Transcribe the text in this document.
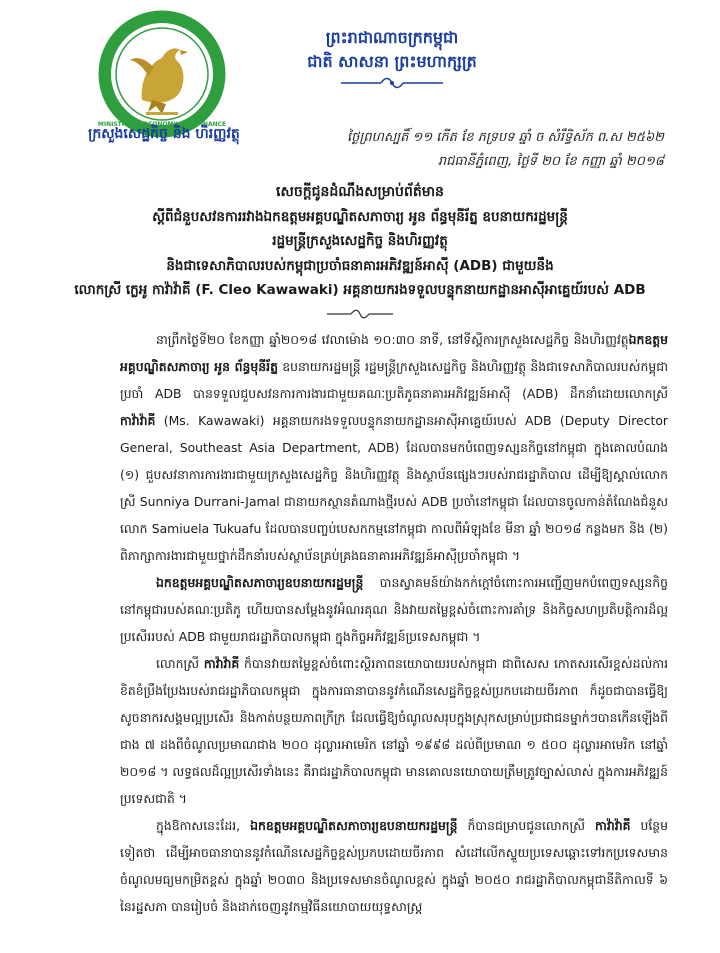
MINISTRY OF ECONOMY AND FINANCE
ក្រសួងសេដ្ឋកិច្ច និង ហិរញ្ញវត្ថុ
ព្រះរាជាណាចក្រកម្ពុជា
ជាតិ សាសនា ព្រះមហាក្សត្រ
ថ្ងៃព្រហស្បតិ៍ ១១ កើត ខែ ភទ្របទ ឆ្នាំ ច សំរឹទ្ធិស័ក ព.ស ២៥៦២
រាជធានីភ្នំពេញ, ថ្ងៃទី ២០ ខែ កញ្ញា ឆ្នាំ ២០១៨
សេចក្តីជូនដំណឹងសម្រាប់ព័ត៌មាន
ស្តីពីជំនួបសវនការរវាងឯកឧត្តមអគ្គបណ្ឌិតសភាចារ្យ អូន ព័ន្ធមុនីរ័ត្ន ឧបនាយករដ្ឋមន្ត្រី
រដ្ឋមន្ត្រីក្រសួងសេដ្ឋកិច្ច និងហិរញ្ញវត្ថុ
និងជាទេសាភិបាលរបស់កម្ពុជាប្រចាំធនាគារអភិវឌ្ឍន៍អាស៊ី (ADB) ជាមួយនឹង
លោកស្រី ក្លេអូ កាវ៉ាវ៉ាគី (F. Cleo Kawawaki) អគ្គនាយករងទទួលបន្ទុកនាយកដ្ឋានអាស៊ីអាគ្នេយ៍របស់ ADB

នាព្រឹកថ្ងៃទី២០ ខែកញ្ញា ឆ្នាំ២០១៨ វេលាម៉ោង ១០:៣០ នាទី, នៅទីស្តីការក្រសួងសេដ្ឋកិច្ច និងហិរញ្ញវត្ថុឯកឧត្តមអគ្គបណ្ឌិតសភាចារ្យ អូន ព័ន្ធមុនីរ័ត្ន ឧបនាយករដ្ឋមន្ត្រី រដ្ឋមន្ត្រីក្រសួងសេដ្ឋកិច្ច និងហិរញ្ញវត្ថុ និងជាទេសាភិបាលរបស់កម្ពុជាប្រចាំ ADB បានទទួលជួបសវនការការងារជាមួយគណៈប្រតិភូធនាគារអភិវឌ្ឍន៍អាស៊ី (ADB) ដឹកនាំដោយលោកស្រី កាវ៉ាវ៉ាគី (Ms. Kawawaki) អគ្គនាយករងទទួលបន្ទុកនាយកដ្ឋានអាស៊ីអាគ្នេយ៍របស់ ADB (Deputy Director General, Southeast Asia Department, ADB) ដែលបានមកបំពេញទស្សនកិច្ចនៅកម្ពុជា ក្នុងគោលបំណង (១) ជួបសវនាការការងារជាមួយក្រសួងសេដ្ឋកិច្ច និងហិរញ្ញវត្ថុ និងស្ថាប័នផ្សេងៗរបស់រាជរដ្ឋាភិបាល ដើម្បីឱ្យស្គាល់លោកស្រី Sunniya Durrani-Jamal ជានាយកស្ថានតំណាងថ្មីរបស់ ADB ប្រចាំនៅកម្ពុជា ដែលបានចូលកាន់តំណែងជំនួសលោក Samiuela Tukuafu ដែលបានបញ្ចប់បេសកកម្មនៅកម្ពុជា កាលពីអំឡុងខែ មីនា ឆ្នាំ ២០១៨ កន្លងមក និង (២) ពិភាក្សាការងារជាមួយថ្នាក់ដឹកនាំរបស់ស្ថាប័នគ្រប់គ្រងធនាគារអភិវឌ្ឍន៍អាស៊ីប្រចាំកម្ពុជា ។

ឯកឧត្តមអគ្គបណ្ឌិតសភាចារ្យឧបនាយករដ្ឋមន្ត្រី បានស្វាគមន៍យ៉ាងកក់ក្តៅចំពោះការអញ្ជើញមកបំពេញទស្សនកិច្ចនៅកម្ពុជារបស់គណៈប្រតិភូ ហើយបានសម្តែងនូវអំណរគុណ និងវាយតម្លៃខ្ពស់ចំពោះការគាំទ្រ និងកិច្ចសហប្រតិបត្តិការដ៏ល្អប្រសើររបស់ ADB ជាមួយរាជរដ្ឋាភិបាលកម្ពុជា ក្នុងកិច្ចអភិវឌ្ឍន៍ប្រទេសកម្ពុជា ។

លោកស្រី កាវ៉ាវ៉ាគី ក៏បានវាយតម្លៃខ្ពស់ចំពោះស្ថិរភាពនយោបាយរបស់កម្ពុជា ជាពិសេស កោតសរសើរខ្ពស់ដល់ការខិតខំប្រឹងប្រែងរបស់រាជរដ្ឋាភិបាលកម្ពុជា ក្នុងការធានាបាននូវកំណើនសេដ្ឋកិច្ចខ្ពស់ប្រកបដោយចីរភាព ក៏ដូចជាបានធ្វើឱ្យសូចនាករសង្គមល្អប្រសើរ និងកាត់បន្ថយភាពក្រីក្រ ដែលធ្វើឱ្យចំណូលសរុបក្នុងស្រុកសម្រាប់ប្រជាជនម្នាក់ៗបានកើនឡើងពីជាង ៧ ដងពីចំណូលប្រមាណជាង ២០០ ដុល្លារអាមេរិក នៅឆ្នាំ ១៩៩៨ ដល់ពីប្រមាណ ១ ៥០០ ដុល្លារអាមេរិក នៅឆ្នាំ ២០១៨ ។ លទ្ធផលដ៏ល្អប្រសើរទាំងនេះ គឺរាជរដ្ឋាភិបាលកម្ពុជា មានគោលនយោបាយត្រឹមត្រូវច្បាស់លាស់ ក្នុងការអភិវឌ្ឍន៍ប្រទេសជាតិ ។

ក្នុងឱកាសនេះដែរ, ឯកឧត្តមអគ្គបណ្ឌិតសភាចារ្យឧបនាយករដ្ឋមន្ត្រី ក៏បានជម្រាបជូនលោកស្រី កាវ៉ាវ៉ាគី បន្ថែមទៀតថា ដើម្បីអាចធានាបាននូវកំណើនសេដ្ឋកិច្ចខ្ពស់ប្រកបដោយចីរភាព សំដៅលើកស្ទួយប្រទេសឆ្ពោះទៅរកប្រទេសមានចំណូលមធ្យមកម្រិតខ្ពស់ ក្នុងឆ្នាំ ២០៣០ និងប្រទេសមានចំណូលខ្ពស់ ក្នុងឆ្នាំ ២០៥០ រាជរដ្ឋាភិបាលកម្ពុជានីតិកាលទី ៦ នៃរដ្ឋសភា បានរៀបចំ និងដាក់ចេញនូវកម្មវិធីនយោបាយយុទ្ធសាស្ត្រ
